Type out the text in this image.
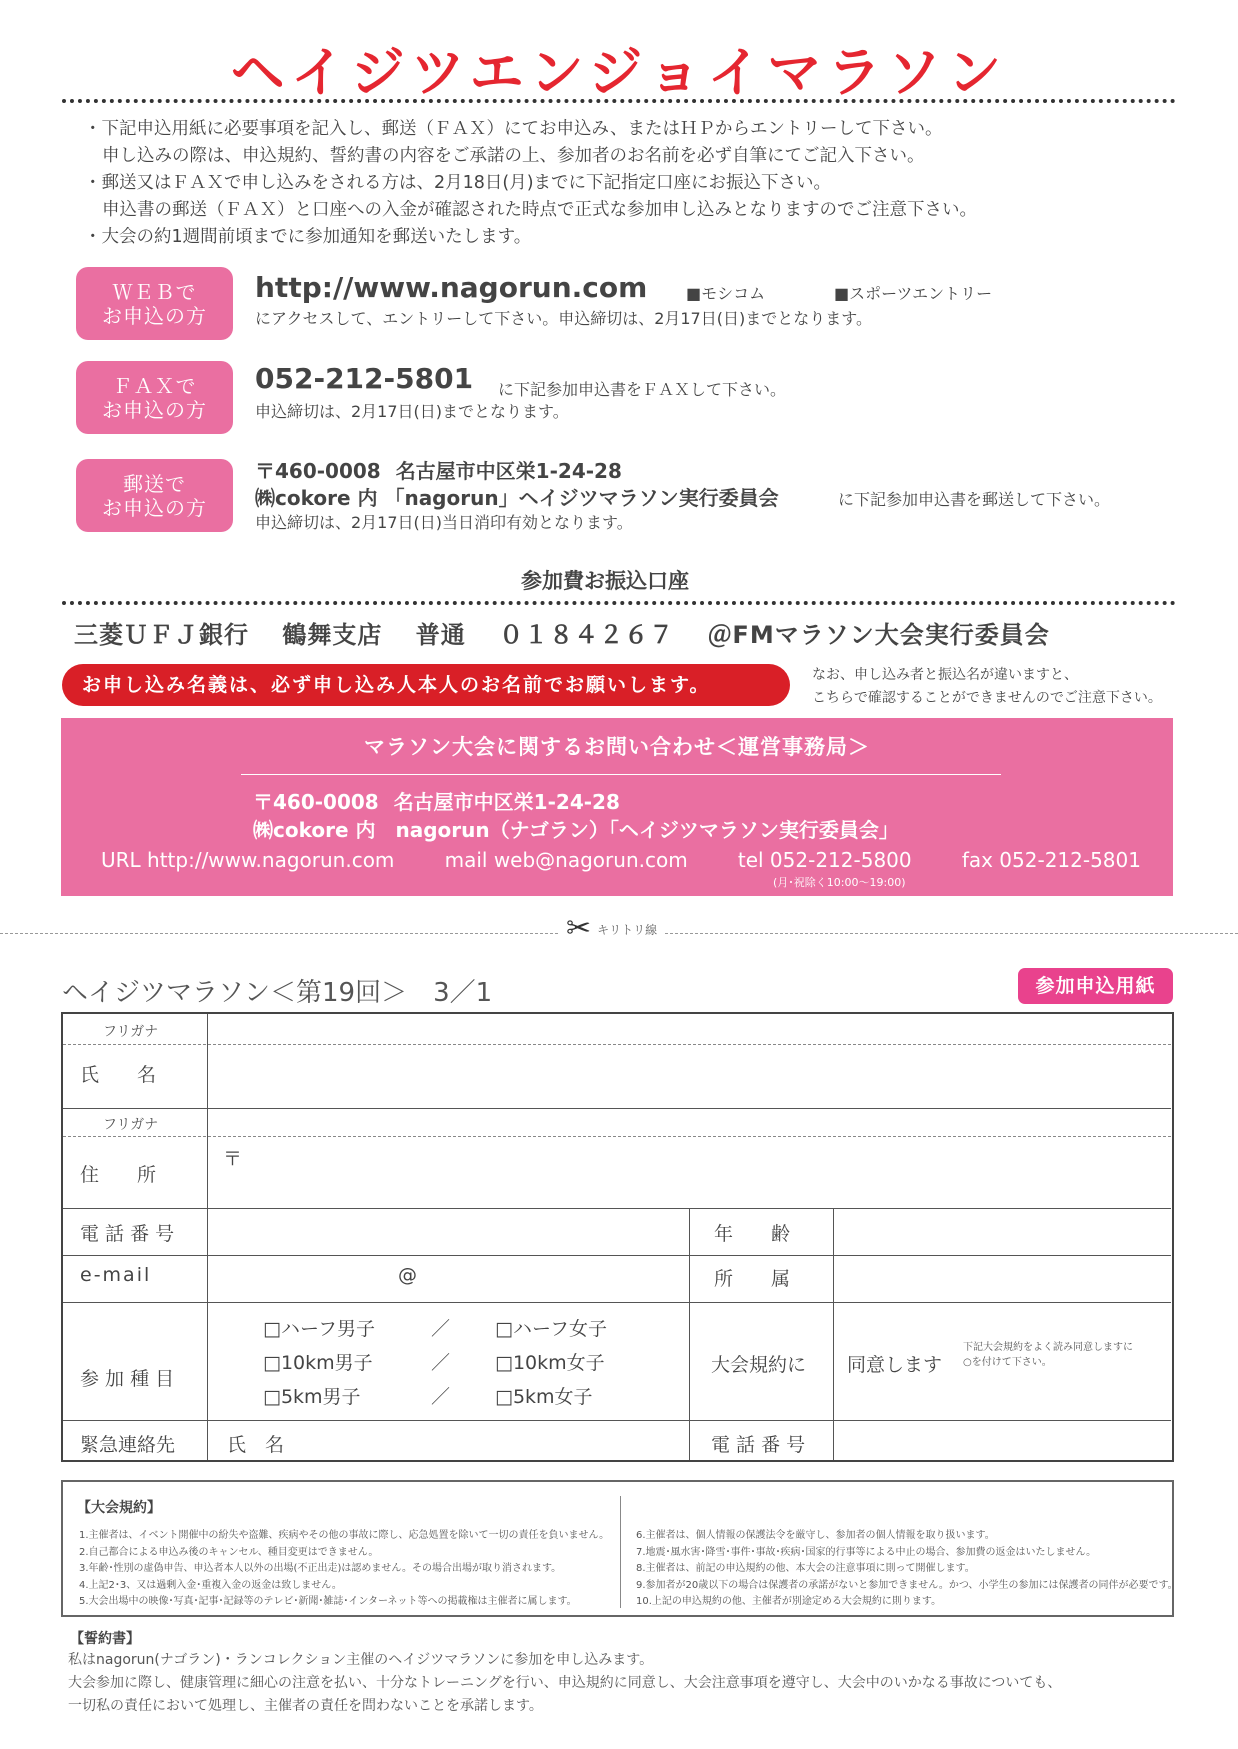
ヘイジツエンジョイマラソン
・下記申込用紙に必要事項を記入し、郵送（ＦＡＸ）にてお申込み、またはＨＰからエントリーして下さい。
申し込みの際は、申込規約、誓約書の内容をご承諾の上、参加者のお名前を必ず自筆にてご記入下さい。
・郵送又はＦＡＸで申し込みをされる方は、2月18日(月)までに下記指定口座にお振込下さい。
申込書の郵送（ＦＡＸ）と口座への入金が確認された時点で正式な参加申し込みとなりますのでご注意下さい。
・大会の約1週間前頃までに参加通知を郵送いたします。
ＷＥＢで
お申込の方
http://www.nagorun.com ■モシコム	■スポーツエントリー
にアクセスして、エントリーして下さい。申込締切は、2月17日(日)までとなります。
ＦＡＸで
お申込の方
052-212-5801 に下記参加申込書をＦＡＸして下さい。
申込締切は、2月17日(日)までとなります。
郵送で
お申込の方
〒460-0008 名古屋市中区栄1-24-28
㈱cokore 内 「nagorun」ヘイジツマラソン実行委員会	に下記参加申込書を郵送して下さい。
申込締切は、2月17日(日)当日消印有効となります。
参加費お振込口座
三菱ＵＦＪ銀行 鶴舞支店 普通 ０１８４２６７ ＠FMマラソン大会実行委員会
お申し込み名義は、必ず申し込み人本人のお名前でお願いします。	なお、申し込み者と振込名が違いますと、
こちらで確認することができませんのでご注意下さい。
マラソン大会に関するお問い合わせ＜運営事務局＞
〒460-0008 名古屋市中区栄1-24-28
㈱cokore 内　nagorun（ナゴラン）「ヘイジツマラソン実行委員会」
URL http://www.nagorun.com	mail web@nagorun.com	tel 052-212-5800	fax 052-212-5801
(月･祝除く10:00〜19:00)
✂ キリトリ線
ヘイジツマラソン＜第19回＞　3／1	参加申込用紙
フリガナ
氏　　名
フリガナ
住　　所
〒
電 話 番 号	年　　齢
e-mail	@	所　　属
参 加 種 目
□ハーフ男子	／ □ハーフ女子
□10km男子	／ □10km女子
□5km男子	／ □5km女子
大会規約に 同意します
下記大会規約をよく読み同意しますに
○を付けて下さい。
緊急連絡先	氏　名	電 話 番 号
【大会規約】
1.主催者は、イベント開催中の紛失や盗難、疾病やその他の事故に際し、応急処置を除いて一切の責任を負いません。
2.自己都合による申込み後のキャンセル、種目変更はできません。
3.年齢･性別の虚偽申告、申込者本人以外の出場(不正出走)は認めません。その場合出場が取り消されます。
4.上記2･3、又は過剰入金･重複入金の返金は致しません。
5.大会出場中の映像･写真･記事･記録等のテレビ･新聞･雑誌･インターネット等への掲載権は主催者に属します。
6.主催者は、個人情報の保護法令を厳守し、参加者の個人情報を取り扱います。
7.地震･風水害･降雪･事件･事故･疾病･国家的行事等による中止の場合、参加費の返金はいたしません。
8.主催者は、前記の申込規約の他、本大会の注意事項に則って開催します。
9.参加者が20歳以下の場合は保護者の承諾がないと参加できません。かつ、小学生の参加には保護者の同伴が必要です。
10.上記の申込規約の他、主催者が別途定める大会規約に則ります。
【誓約書】
私はnagorun(ナゴラン)・ランコレクション主催のヘイジツマラソンに参加を申し込みます。
大会参加に際し、健康管理に細心の注意を払い、十分なトレーニングを行い、申込規約に同意し、大会注意事項を遵守し、大会中のいかなる事故についても、
一切私の責任において処理し、主催者の責任を問わないことを承諾します。
